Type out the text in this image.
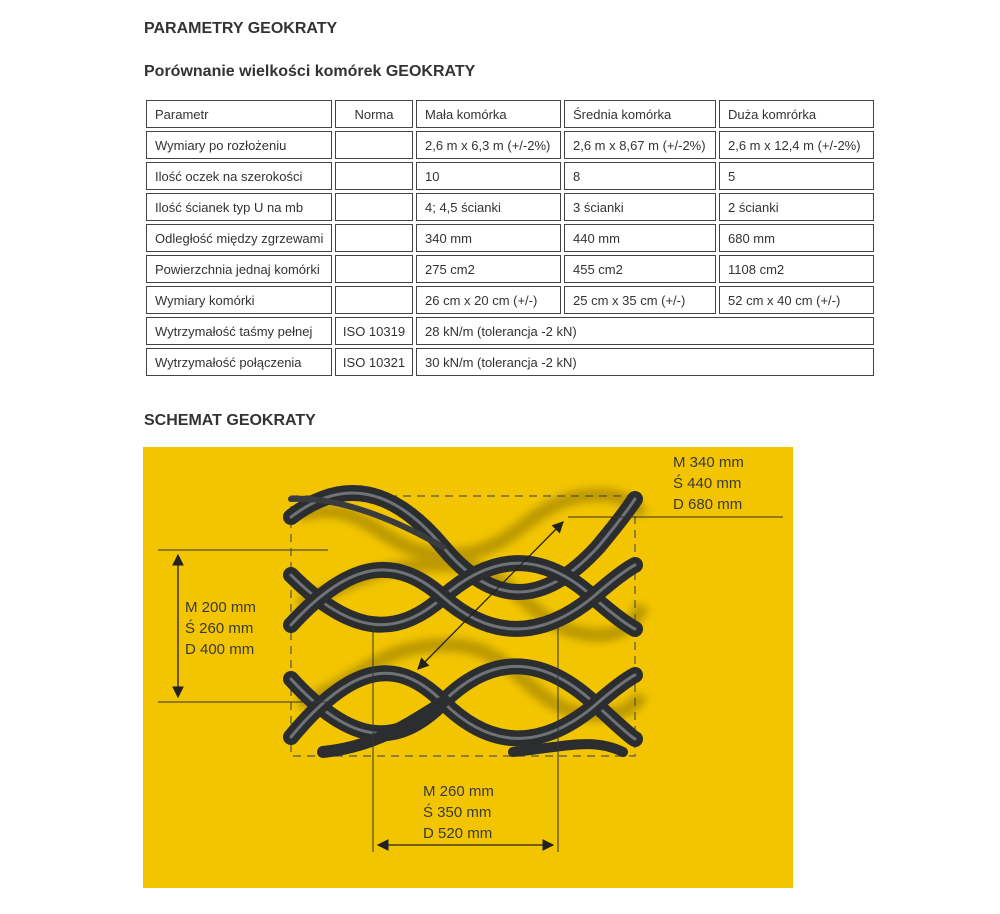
PARAMETRY GEOKRATY
Porównanie wielkości komórek GEOKRATY
Parametr	Norma	Mała komórka	Średnia komórka	Duża komrórka
Wymiary po rozłożeniu		2,6 m x 6,3 m (+/-2%)	2,6 m x 8,67 m (+/-2%)	2,6 m x 12,4 m (+/-2%)
Ilość oczek na szerokości		10	8	5
Ilość ścianek typ U na mb		4; 4,5 ścianki	3 ścianki	2 ścianki
Odległość między zgrzewami		340 mm	440 mm	680 mm
Powierzchnia jednaj komórki		275 cm2	455 cm2	1108 cm2
Wymiary komórki		26 cm x 20 cm (+/-)	25 cm x 35 cm (+/-)	52 cm x 40 cm (+/-)
Wytrzymałość taśmy pełnej	ISO 10319	28 kN/m (tolerancja -2 kN)		
Wytrzymałość połączenia	ISO 10321	30 kN/m (tolerancja -2 kN)		
SCHEMAT GEOKRATY
M 340 mm
Ś 440 mm
D 680 mm
M 200 mm
Ś 260 mm
D 400 mm
M 260 mm
Ś 350 mm
D 520 mm
